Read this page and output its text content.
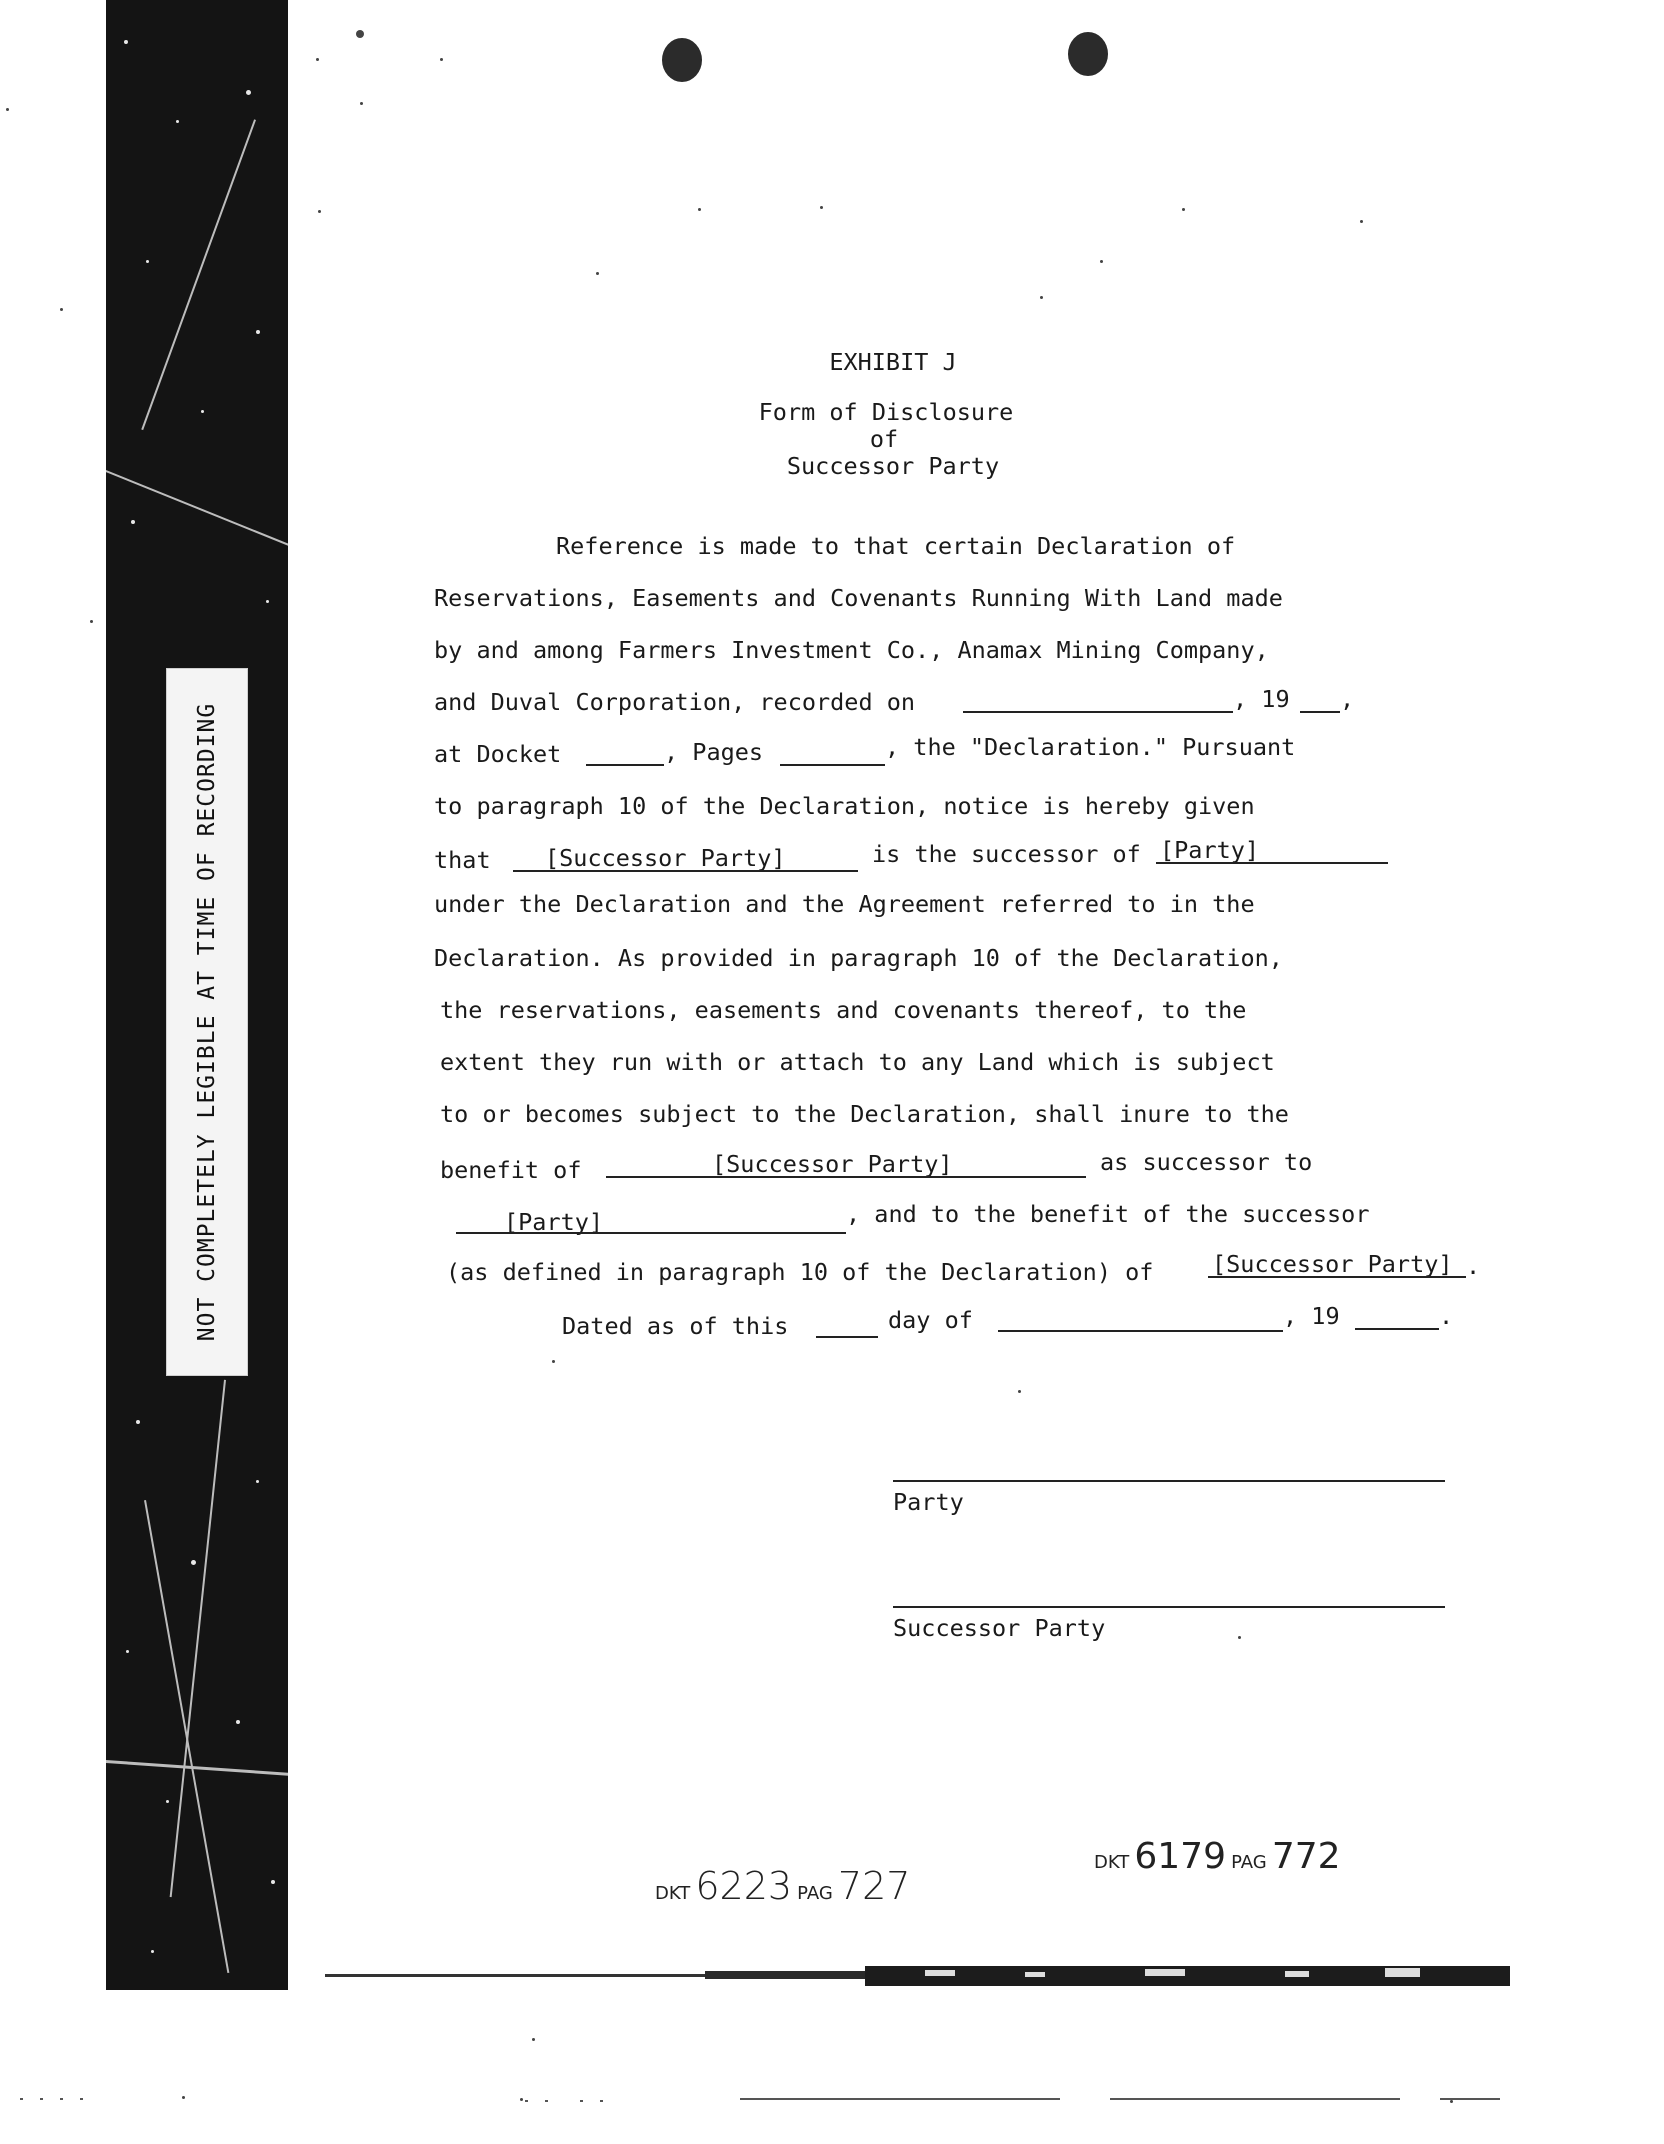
NOT COMPLETELY LEGIBLE AT TIME OF RECORDING
EXHIBIT J
Form of Disclosure
of
Successor Party
Reference is made to that certain Declaration of
Reservations, Easements and Covenants Running With Land made
by and among Farmers Investment Co., Anamax Mining Company,
and Duval Corporation, recorded on	, 19 ,
at Docket	, Pages	, the "Declaration." Pursuant
to paragraph 10 of the Declaration, notice is hereby given
that [Successor Party]	is the successor of [Party]
under the Declaration and the Agreement referred to in the
Declaration. As provided in paragraph 10 of the Declaration,
the reservations, easements and covenants thereof, to the
extent they run with or attach to any Land which is subject
to or becomes subject to the Declaration, shall inure to the
benefit of	[Successor Party]	as successor to
[Party]	, and to the benefit of the successor
(as defined in paragraph 10 of the Declaration) of [Successor Party] .
Dated as of this	day of	, 19	.
Party
Successor Party
DKT 6223 PAG 727
DKT 6179 PAG 772
